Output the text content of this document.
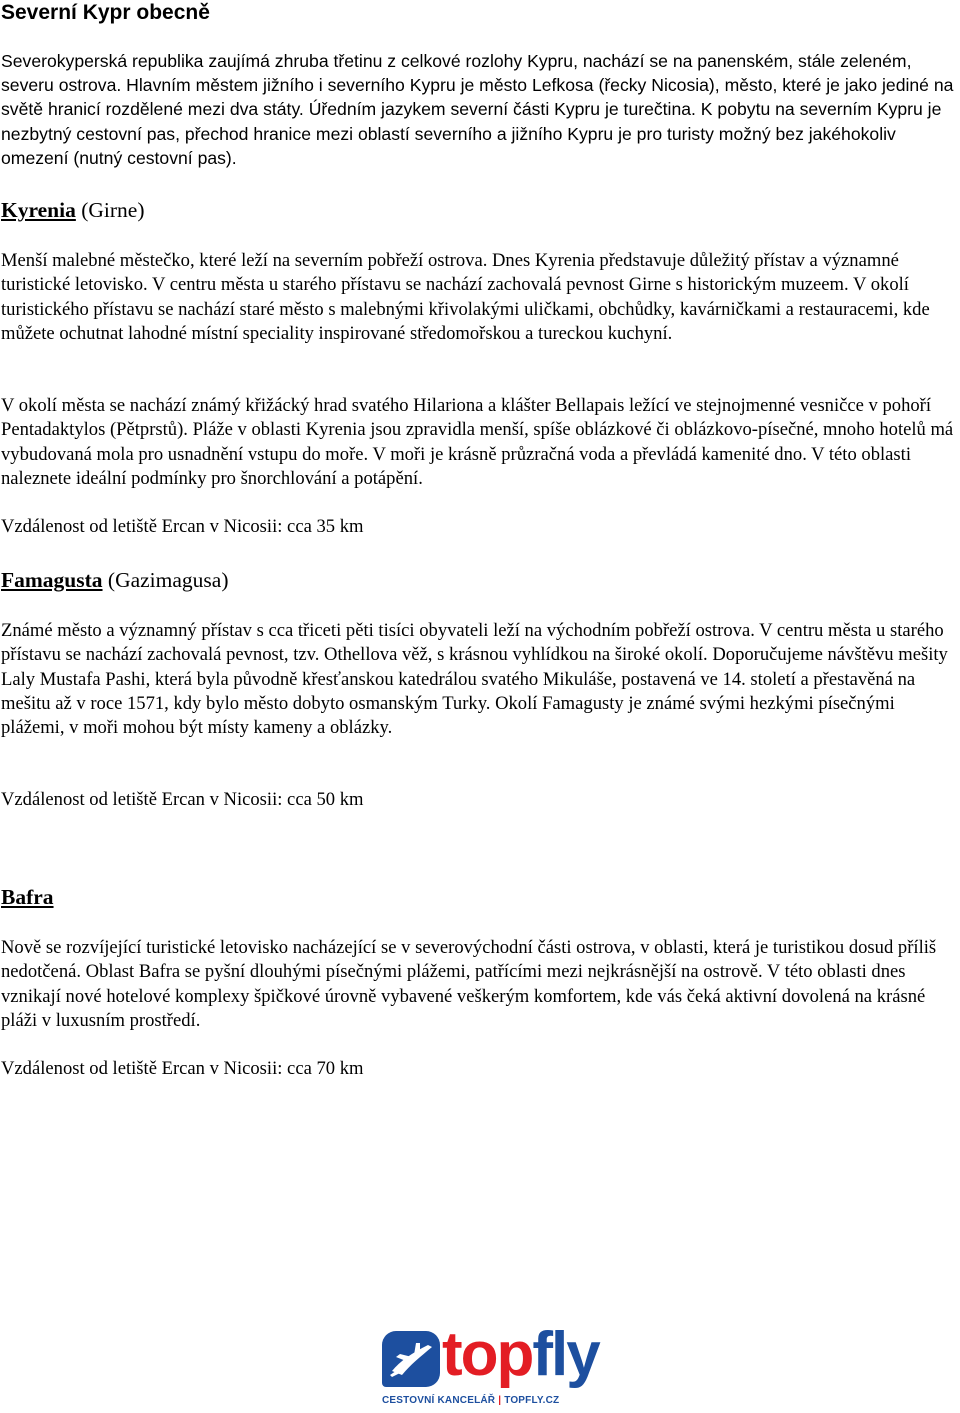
Severní Kypr obecně

Severokyperská republika zaujímá zhruba třetinu z celkové rozlohy Kypru, nachází se na panenském, stále zeleném, severu ostrova. Hlavním městem jižního i severního Kypru je město Lefkosa (řecky Nicosia), město, které je jako jediné na světě hranicí rozdělené mezi dva státy. Úředním jazykem severní části Kypru je turečtina. K pobytu na severním Kypru je nezbytný cestovní pas, přechod hranice mezi oblastí severního a jižního Kypru je pro turisty možný bez jakéhokoliv omezení (nutný cestovní pas).

Kyrenia (Girne)

Menší malebné městečko, které leží na severním pobřeží ostrova. Dnes Kyrenia představuje důležitý přístav a významné turistické letovisko. V centru města u starého přístavu se nachází zachovalá pevnost Girne s historickým muzeem. V okolí turistického přístavu se nachází staré město s malebnými křivolakými uličkami, obchůdky, kavárničkami a restauracemi, kde můžete ochutnat lahodné místní speciality inspirované středomořskou a tureckou kuchyní.

V okolí města se nachází známý křižácký hrad svatého Hilariona a klášter Bellapais ležící ve stejnojmenné vesničce v pohoří Pentadaktylos (Pětprstů). Pláže v oblasti Kyrenia jsou zpravidla menší, spíše oblázkové či oblázkovo-písečné, mnoho hotelů má vybudovaná mola pro usnadnění vstupu do moře. V moři je krásně průzračná voda a převládá kamenité dno. V této oblasti naleznete ideální podmínky pro šnorchlování a potápění.

Vzdálenost od letiště Ercan v Nicosii: cca 35 km

Famagusta (Gazimagusa)

Známé město a významný přístav s cca třiceti pěti tisíci obyvateli leží na východním pobřeží ostrova. V centru města u starého přístavu se nachází zachovalá pevnost, tzv. Othellova věž, s krásnou vyhlídkou na široké okolí. Doporučujeme návštěvu mešity Laly Mustafa Pashi, která byla původně křesťanskou katedrálou svatého Mikuláše, postavená ve 14. století a přestavěná na mešitu až v roce 1571, kdy bylo město dobyto osmanským Turky. Okolí Famagusty je známé svými hezkými písečnými plážemi, v moři mohou být místy kameny a oblázky.

Vzdálenost od letiště Ercan v Nicosii: cca 50 km

Bafra

Nově se rozvíjející turistické letovisko nacházející se v severovýchodní části ostrova, v oblasti, která je turistikou dosud příliš nedotčená. Oblast Bafra se pyšní dlouhými písečnými plážemi, patřícími mezi nejkrásnější na ostrově. V této oblasti dnes vznikají nové hotelové komplexy špičkové úrovně vybavené veškerým komfortem, kde vás čeká aktivní dovolená na krásné pláži v luxusním prostředí.

Vzdálenost od letiště Ercan v Nicosii: cca 70 km

topfly
CESTOVNÍ KANCELÁŘ | TOPFLY.CZ
